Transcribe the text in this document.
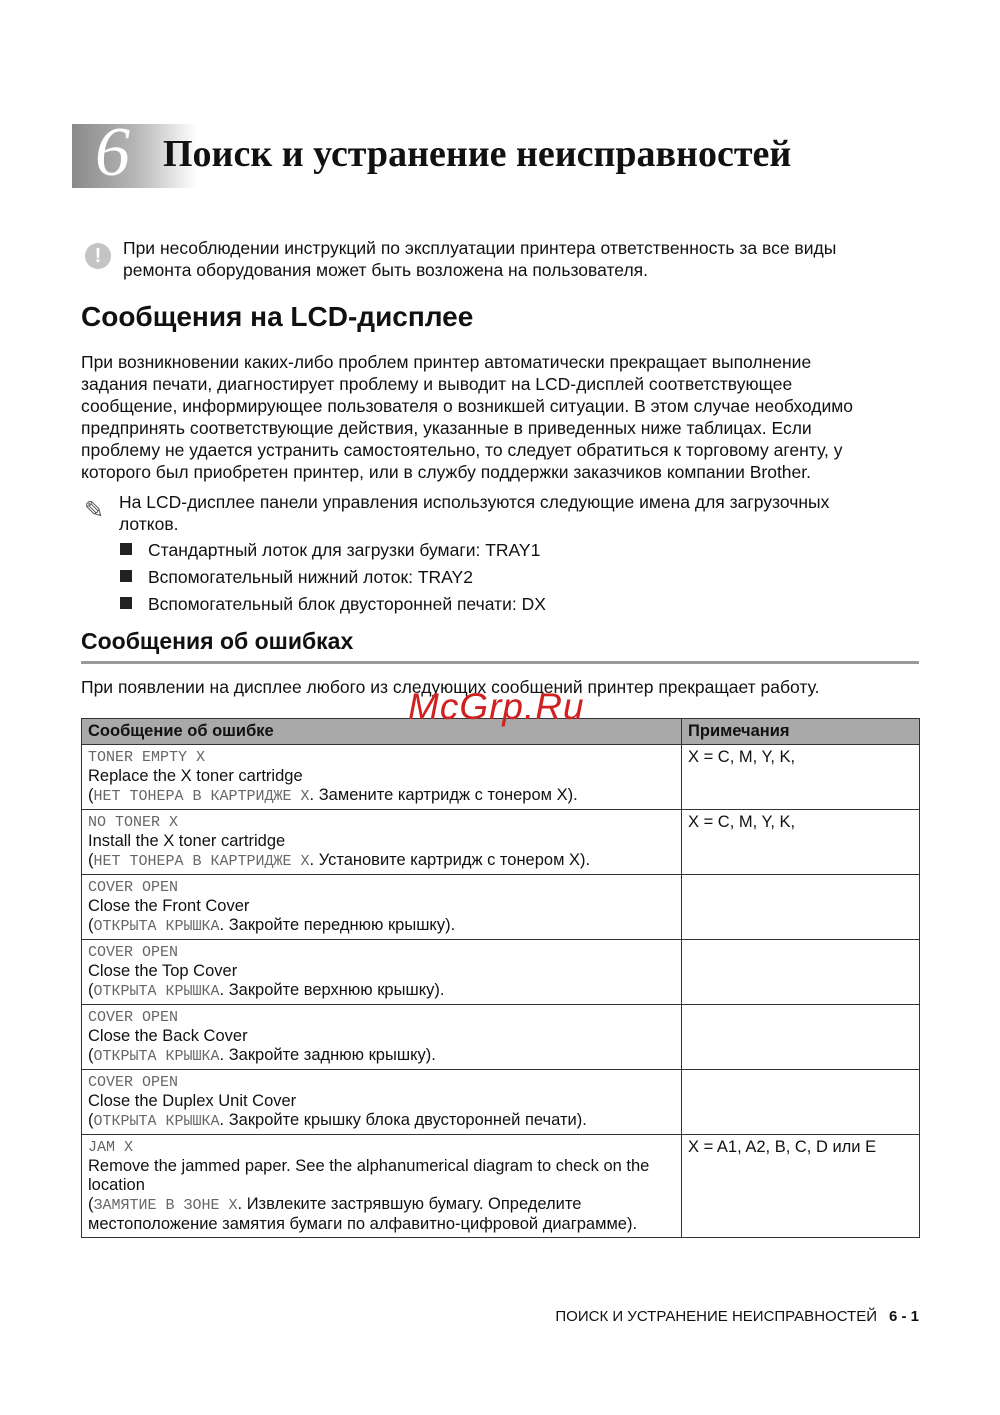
6 Поиск и устранение неисправностей
!	При несоблюдении инструкций по эксплуатации принтера ответственность за все виды
ремонта оборудования может быть возложена на пользователя.
Сообщения на LCD-дисплее
При возникновении каких-либо проблем принтер автоматически прекращает выполнение
задания печати, диагностирует проблему и выводит на LCD-дисплей соответствующее
сообщение, информирующее пользователя о возникшей ситуации. В этом случае необходимо
предпринять соответствующие действия, указанные в приведенных ниже таблицах. Если
проблему не удается устранить самостоятельно, то следует обратиться к торговому агенту, у
которого был приобретен принтер, или в службу поддержки заказчиков компании Brother.
✎ На LCD-дисплее панели управления используются следующие имена для загрузочных
лотков.
Стандартный лоток для загрузки бумаги: TRAY1
Вспомогательный нижний лоток: TRAY2
Вспомогательный блок двусторонней печати: DX
Сообщения об ошибках
При появлении на дисплее любого из следующих сообщений принтер прекращает работу.
Сообщение об ошибке	Примечания

TONER EMPTY X
Replace the X toner cartridge
(НЕТ ТОНЕРА В КАРТРИДЖЕ Х. Замените картридж с тонером X).	X = C, M, Y, K,

NO TONER X
Install the X toner cartridge
(НЕТ ТОНЕРА В КАРТРИДЖЕ Х. Установите картридж с тонером X).	X = C, M, Y, K,

COVER OPEN
Close the Front Cover
(ОТКРЫТА КРЫШКА. Закройте переднюю крышку).	

COVER OPEN
Close the Top Cover
(ОТКРЫТА КРЫШКА. Закройте верхнюю крышку).	

COVER OPEN
Close the Back Cover
(ОТКРЫТА КРЫШКА. Закройте заднюю крышку).	

COVER OPEN
Close the Duplex Unit Cover
(ОТКРЫТА КРЫШКА. Закройте крышку блока двусторонней печати).	

JAM X
Remove the jammed paper. See the alphanumerical diagram to check on the location
(ЗАМЯТИЕ В ЗОНЕ Х. Извлеките застрявшую бумагу. Определите местоположение замятия бумаги по алфавитно-цифровой диаграмме).	X = A1, A2, B, C, D или E
McGrp.Ru
ПОИСК И УСТРАНЕНИЕ НЕИСПРАВНОСТЕЙ 6 - 1
